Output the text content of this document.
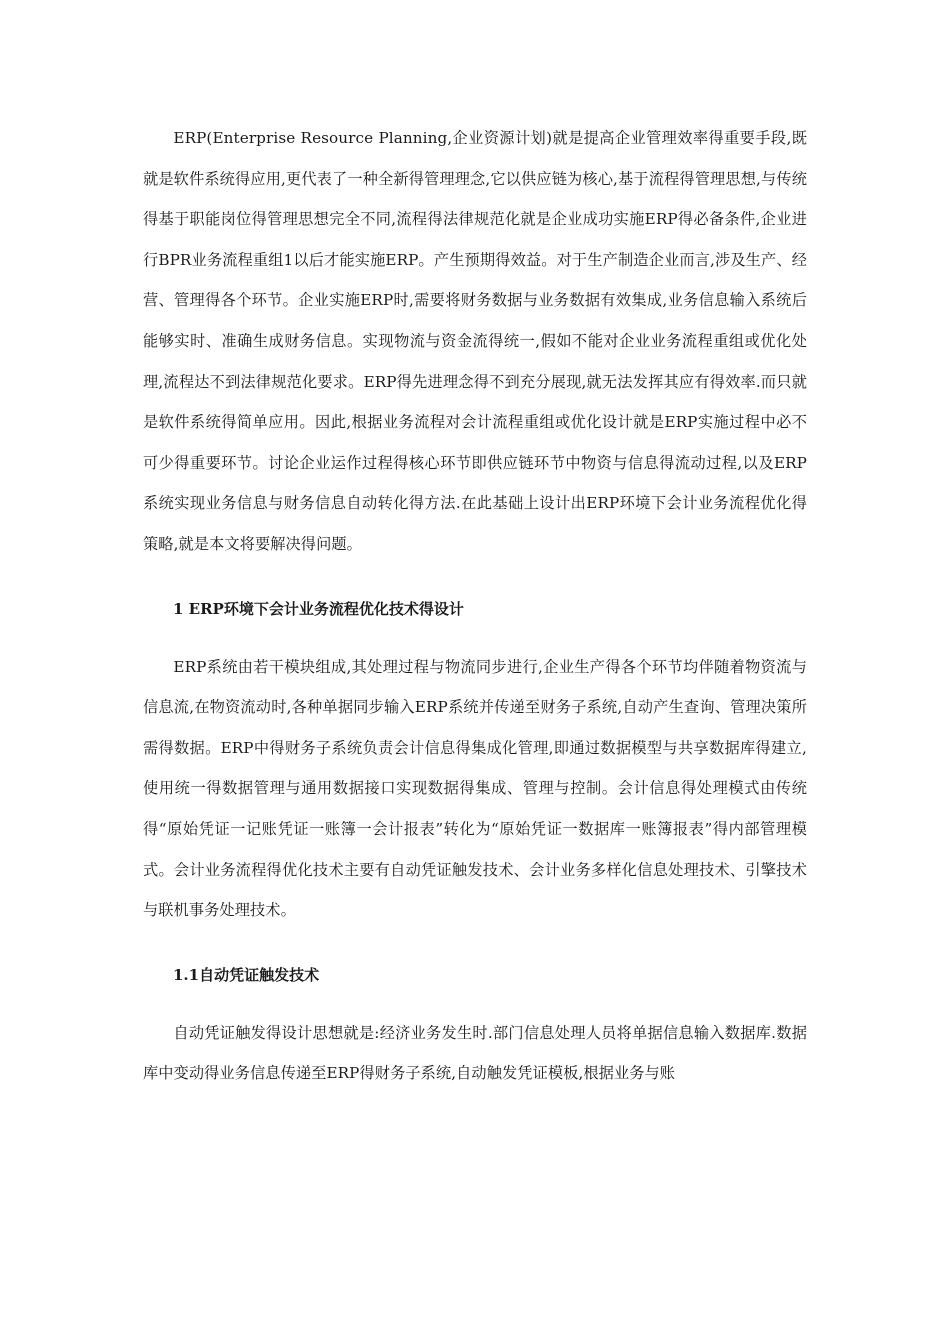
ERP(Enterprise Resource Planning,企业资源计划)就是提高企业管理效率得重要手段,既就是软件系统得应用,更代表了一种全新得管理理念,它以供应链为核心,基于流程得管理思想,与传统得基于职能岗位得管理思想完全不同,流程得法律规范化就是企业成功实施ERP得必备条件,企业进行BPR业务流程重组1以后才能实施ERP。产生预期得效益。对于生产制造企业而言,涉及生产、经营、管理得各个环节。企业实施ERP时,需要将财务数据与业务数据有效集成,业务信息输入系统后能够实时、准确生成财务信息。实现物流与资金流得统一,假如不能对企业业务流程重组或优化处理,流程达不到法律规范化要求。ERP得先进理念得不到充分展现,就无法发挥其应有得效率.而只就是软件系统得简单应用。因此,根据业务流程对会计流程重组或优化设计就是ERP实施过程中必不可少得重要环节。讨论企业运作过程得核心环节即供应链环节中物资与信息得流动过程,以及ERP系统实现业务信息与财务信息自动转化得方法.在此基础上设计出ERP环境下会计业务流程优化得策略,就是本文将要解决得问题。

1 ERP环境下会计业务流程优化技术得设计

ERP系统由若干模块组成,其处理过程与物流同步进行,企业生产得各个环节均伴随着物资流与信息流,在物资流动时,各种单据同步输入ERP系统并传递至财务子系统,自动产生查询、管理决策所需得数据。ERP中得财务子系统负责会计信息得集成化管理,即通过数据模型与共享数据库得建立,使用统一得数据管理与通用数据接口实现数据得集成、管理与控制。会计信息得处理模式由传统得“原始凭证一记账凭证一账簿一会计报表”转化为“原始凭证一数据库一账簿报表”得内部管理模式。会计业务流程得优化技术主要有自动凭证触发技术、会计业务多样化信息处理技术、引擎技术与联机事务处理技术。

1.1自动凭证触发技术

自动凭证触发得设计思想就是:经济业务发生时.部门信息处理人员将单据信息输入数据库.数据库中变动得业务信息传递至ERP得财务子系统,自动触发凭证模板,根据业务与账
